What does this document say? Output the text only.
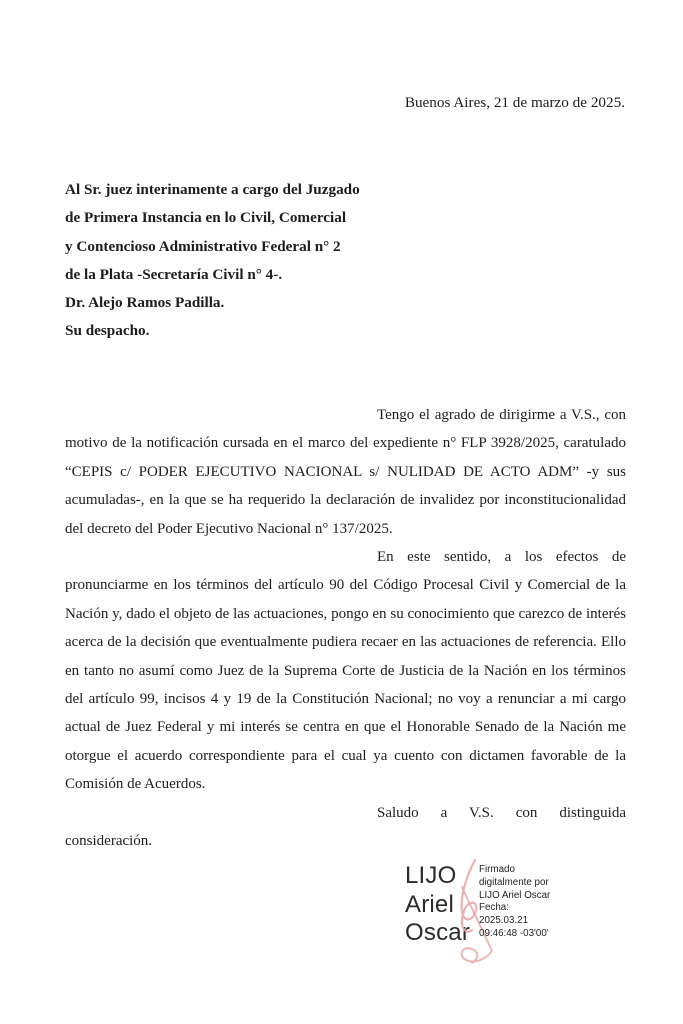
Buenos Aires, 21 de marzo de 2025.
Al Sr. juez interinamente a cargo del Juzgado
de Primera Instancia en lo Civil, Comercial
y Contencioso Administrativo Federal n° 2
de la Plata -Secretaría Civil n° 4-.
Dr. Alejo Ramos Padilla.
Su despacho.

Tengo el agrado de dirigirme a V.S., con motivo de la notificación cursada en el marco del expediente n° FLP 3928/2025, caratulado “CEPIS c/ PODER EJECUTIVO NACIONAL s/ NULIDAD DE ACTO ADM” -y sus acumuladas-, en la que se ha requerido la declaración de invalidez por inconstitucionalidad del decreto del Poder Ejecutivo Nacional n° 137/2025.

En este sentido, a los efectos de pronunciarme en los términos del artículo 90 del Código Procesal Civil y Comercial de la Nación y, dado el objeto de las actuaciones, pongo en su conocimiento que carezco de interés acerca de la decisión que eventualmente pudiera recaer en las actuaciones de referencia. Ello en tanto no asumí como Juez de la Suprema Corte de Justicia de la Nación en los términos del artículo 99, incisos 4 y 19 de la Constitución Nacional; no voy a renunciar a mi cargo actual de Juez Federal y mi interés se centra en que el Honorable Senado de la Nación me otorgue el acuerdo correspondiente para el cual ya cuento con dictamen favorable de la Comisión de Acuerdos.

Saludo a V.S. con distinguida consideración.

LIJO
Ariel
Oscar
Firmado
digitalmente por
LIJO Ariel Oscar
Fecha:
2025.03.21
09:46:48 -03'00'
